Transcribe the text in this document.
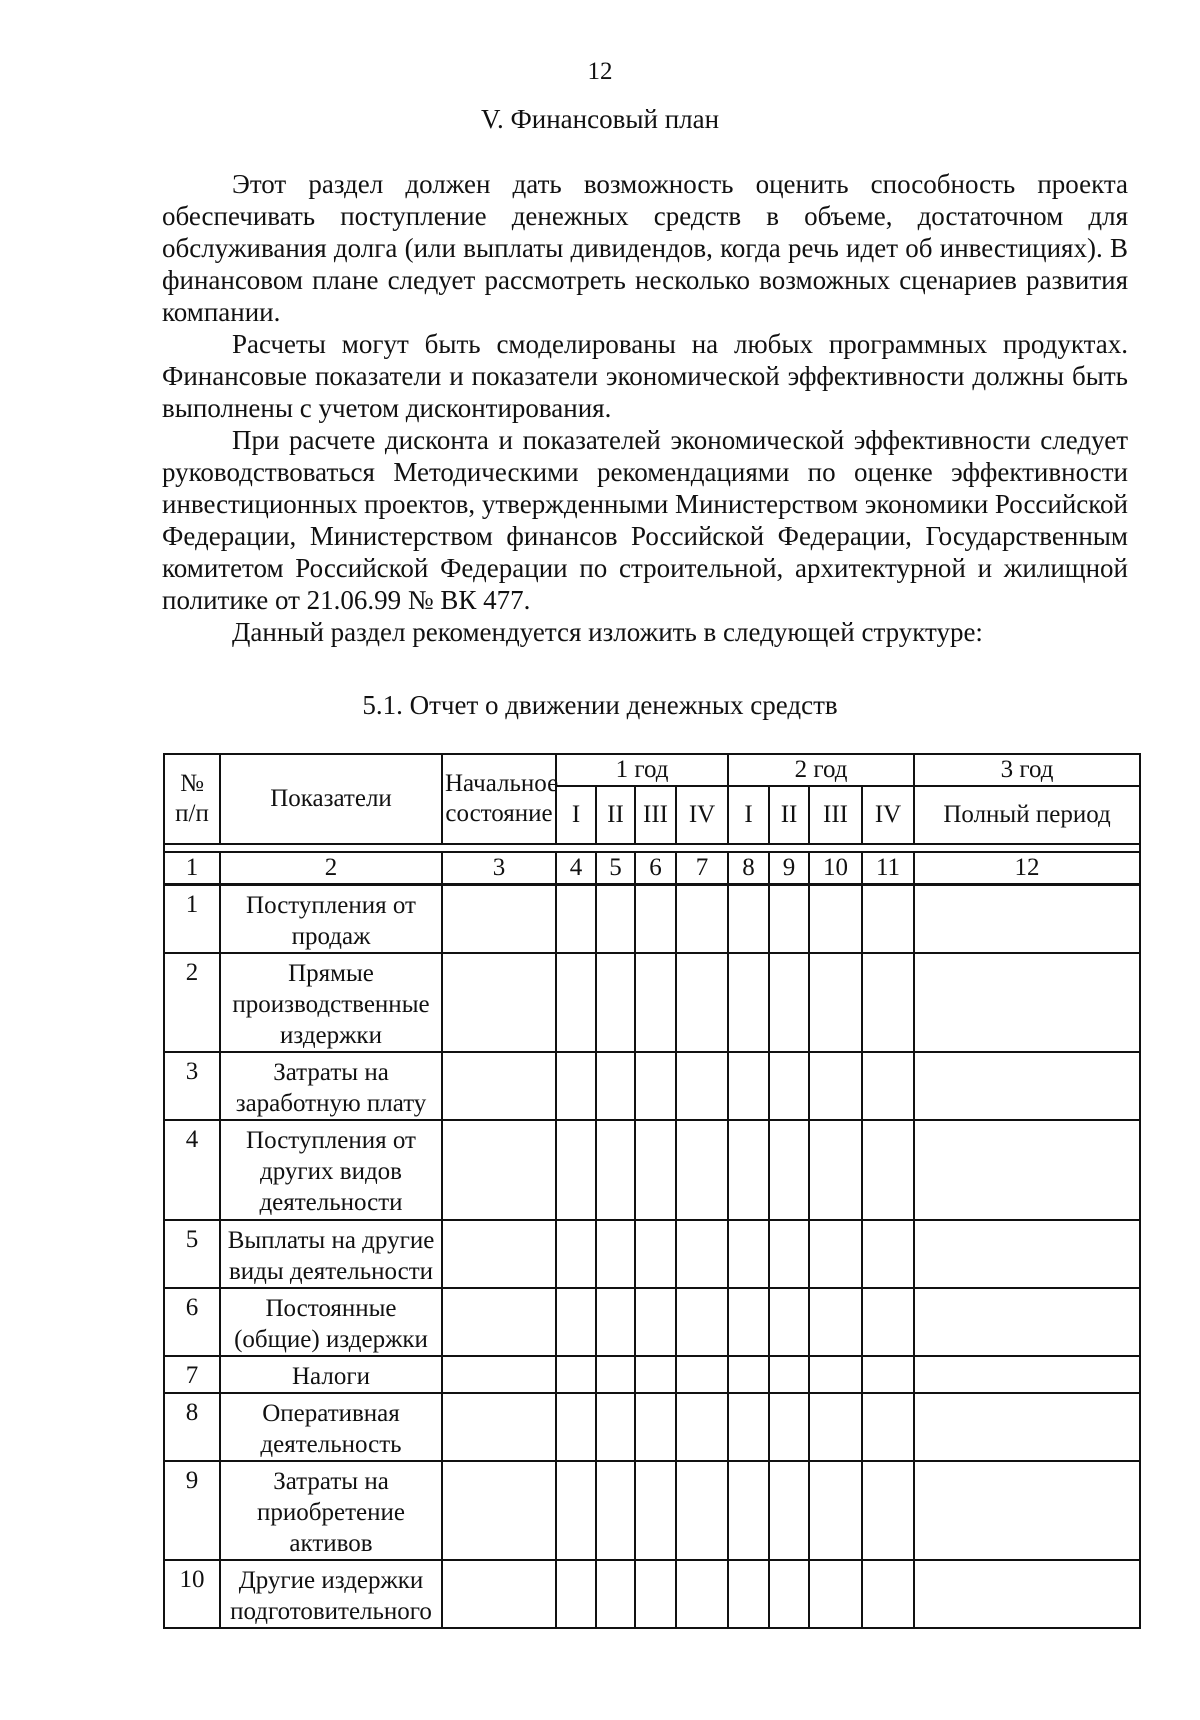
12
V. Финансовый план

Этот раздел должен дать возможность оценить способность проекта обеспечивать поступление денежных средств в объеме, достаточном для обслуживания долга (или выплаты дивидендов, когда речь идет об инвестициях). В финансовом плане следует рассмотреть несколько возможных сценариев развития компании.

Расчеты могут быть смоделированы на любых программных продуктах. Финансовые показатели и показатели экономической эффективности должны быть выполнены с учетом дисконтирования.

При расчете дисконта и показателей экономической эффективности следует руководствоваться Методическими рекомендациями по оценке эффективности инвестиционных проектов, утвержденными Министерством экономики Российской Федерации, Министерством финансов Российской Федерации, Государственным комитетом Российской Федерации по строительной, архитектурной и жилищной политике от 21.06.99 № ВК 477.

Данный раздел рекомендуется изложить в следующей структуре:

5.1. Отчет о движении денежных средств
№ п/п	Показатели	Начальное состояние	1 год				2 год				3 год
			I	II	III	IV	I	II	III	IV	Полный период

1	2	3	4	5	6	7	8	9	10	11	12
1	Поступления от продаж										
2	Прямые производственные издержки										
3	Затраты на заработную плату										
4	Поступления от других видов деятельности										
5	Выплаты на другие виды деятельности										
6	Постоянные (общие) издержки										
7	Налоги										
8	Оперативная деятельность										
9	Затраты на приобретение активов										
10	Другие издержки подготовительного										
